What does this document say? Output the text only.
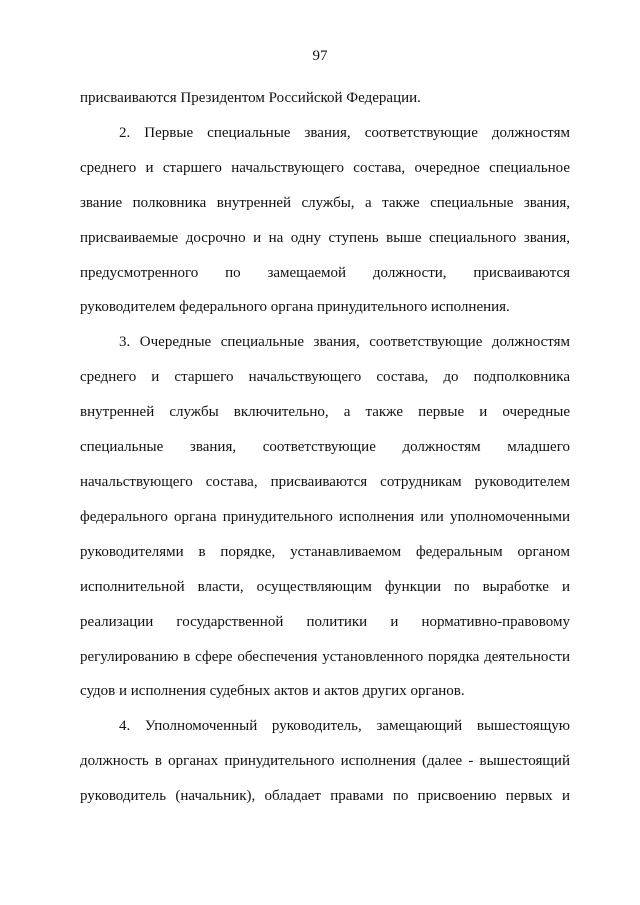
97

присваиваются Президентом Российской Федерации.

2. Первые специальные звания, соответствующие должностям среднего и старшего начальствующего состава, очередное специальное звание полковника внутренней службы, а также специальные звания, присваиваемые досрочно и на одну ступень выше специального звания, предусмотренного по замещаемой должности, присваиваются руководителем федерального органа принудительного исполнения.

3. Очередные специальные звания, соответствующие должностям среднего и старшего начальствующего состава, до подполковника внутренней службы включительно, а также первые и очередные специальные звания, соответствующие должностям младшего начальствующего состава, присваиваются сотрудникам руководителем федерального органа принудительного исполнения или уполномоченными руководителями в порядке, устанавливаемом федеральным органом исполнительной власти, осуществляющим функции по выработке и реализации государственной политики и нормативно-правовому регулированию в сфере обеспечения установленного порядка деятельности судов и исполнения судебных актов и актов других органов.

4. Уполномоченный руководитель, замещающий вышестоящую должность в органах принудительного исполнения (далее - вышестоящий руководитель (начальник), обладает правами по присвоению первых и
